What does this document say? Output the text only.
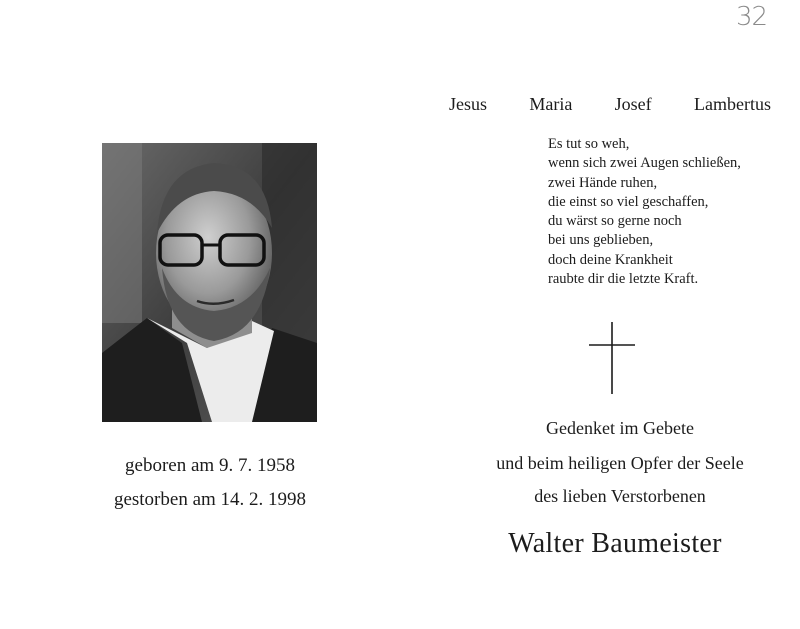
32
geboren am 9. 7. 1958
gestorben am 14. 2. 1998
Jesus Maria Josef Lambertus
Es tut so weh,
wenn sich zwei Augen schließen,
zwei Hände ruhen,
die einst so viel geschaffen,
du wärst so gerne noch
bei uns geblieben,
doch deine Krankheit
raubte dir die letzte Kraft.
Gedenket im Gebete
und beim heiligen Opfer der Seele
des lieben Verstorbenen
Walter Baumeister
